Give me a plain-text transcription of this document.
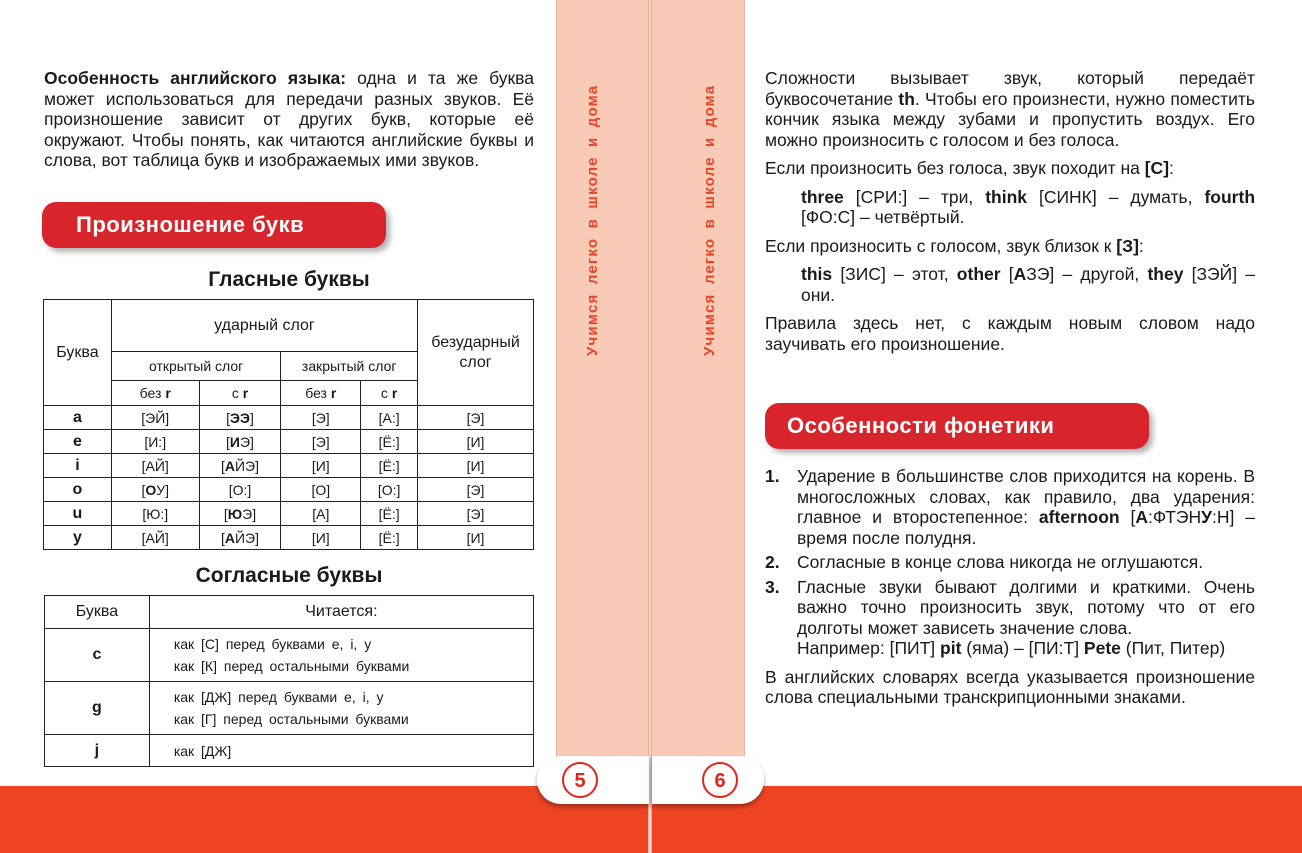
Учимся легко в школе и дома	Учимся легко в школе и дома
Особенность английского языка: одна и та же буква может использоваться для передачи разных звуков. Её произношение зависит от других букв, которые её окружают. Чтобы понять, как читаются английские буквы и слова, вот таблица букв и изображаемых ими звуков.
Произношение букв
Гласные буквы
Буква	ударный слог				безударный слог
	открытый слог		закрытый слог		
	без r	с r	без r	с r	
a	[ЭЙ]	[ЭЭ]	[Э]	[А:]	[Э]
e	[И:]	[ИЭ]	[Э]	[Ё:]	[И]
i	[АЙ]	[АЙЭ]	[И]	[Ё:]	[И]
o	[ОУ]	[О:]	[О]	[О:]	[Э]
u	[Ю:]	[ЮЭ]	[А]	[Ё:]	[Э]
y	[АЙ]	[АЙЭ]	[И]	[Ё:]	[И]
Согласные буквы
Буква	Читается:
c	как [С] перед буквами e, i, y
как [К] перед остальными буквами

g	как [ДЖ] перед буквами e, i, y
как [Г] перед остальными буквами

j	как [ДЖ]
5	6
Сложности вызывает звук, который передаёт буквосочетание th. Чтобы его произнести, нужно поместить кончик языка между зубами и пропустить воздух. Его можно произносить с голосом и без голоса.
Если произносить без голоса, звук походит на [С]:
three [СРИ:] – три, think [СИНК] – думать, fourth [ФО:С] – четвёртый.
Если произносить с голосом, звук близок к [З]:
this [ЗИС] – этот, other [АЗЭ] – другой, they [ЗЭЙ] – они.
Правила здесь нет, с каждым новым словом надо заучивать его произношение.
Особенности фонетики
1. Ударение в большинстве слов приходится на корень. В многосложных словах, как правило, два ударения: главное и второстепенное: afternoon [А:ФТЭНУ:Н] – время после полудня.
2. Согласные в конце слова никогда не оглушаются.
3. Гласные звуки бывают долгими и краткими. Очень важно точно произносить звук, потому что от его долготы может зависеть значение слова.
Например: [ПИТ] pit (яма) – [ПИ:Т] Pete (Пит, Питер)
В английских словарях всегда указывается произношение слова специальными транскрипционными знаками.
